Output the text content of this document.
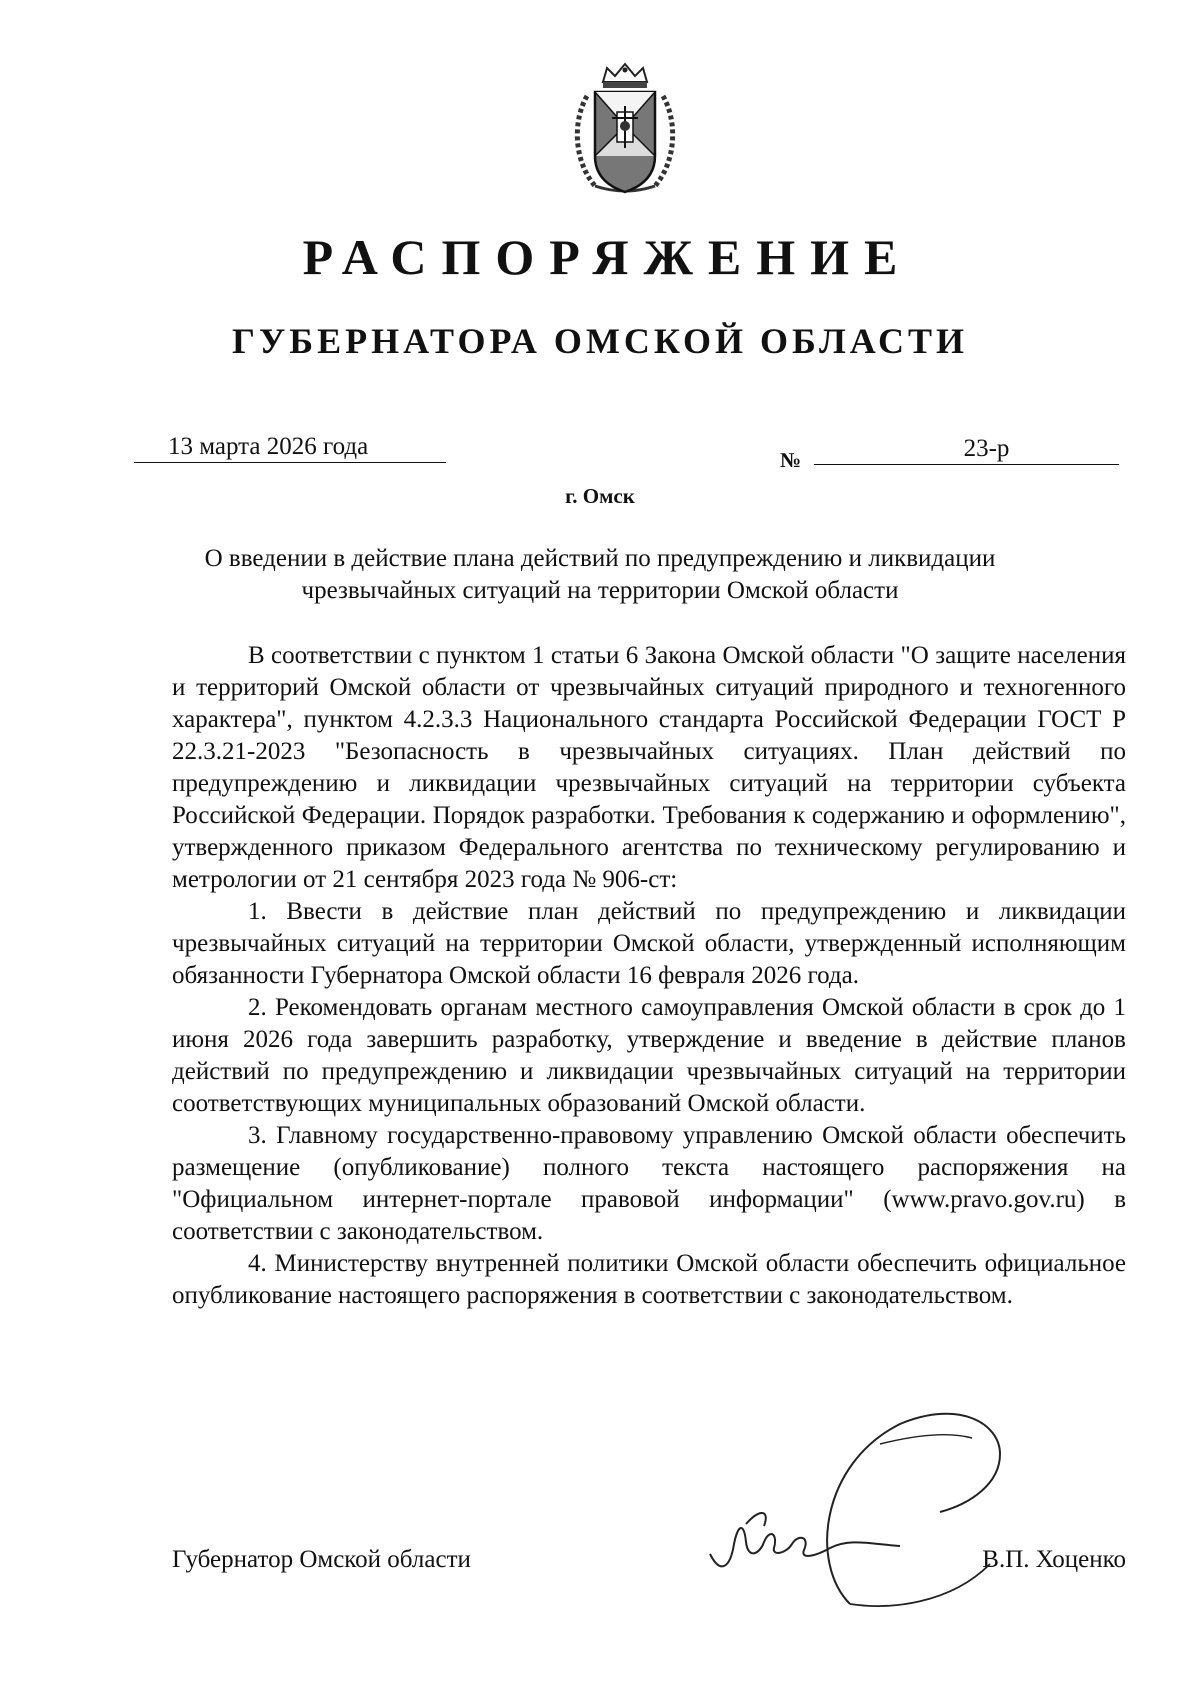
РАСПОРЯЖЕНИЕ
ГУБЕРНАТОРА ОМСКОЙ ОБЛАСТИ
13 марта 2026 года	№	23-р
г. Омск

О введении в действие плана действий по предупреждению и ликвидации чрезвычайных ситуаций на территории Омской области

В соответствии с пунктом 1 статьи 6 Закона Омской области "О защите населения и территорий Омской области от чрезвычайных ситуаций природного и техногенного характера", пунктом 4.2.3.3 Национального стандарта Российской Федерации ГОСТ Р 22.3.21-2023 "Безопасность в чрезвычайных ситуациях. План действий по предупреждению и ликвидации чрезвычайных ситуаций на территории субъекта Российской Федерации. Порядок разработки. Требования к содержанию и оформлению", утвержденного приказом Федерального агентства по техническому регулированию и метрологии от 21 сентября 2023 года № 906-ст:

1. Ввести в действие план действий по предупреждению и ликвидации чрезвычайных ситуаций на территории Омской области, утвержденный исполняющим обязанности Губернатора Омской области 16 февраля 2026 года.

2. Рекомендовать органам местного самоуправления Омской области в срок до 1 июня 2026 года завершить разработку, утверждение и введение в действие планов действий по предупреждению и ликвидации чрезвычайных ситуаций на территории соответствующих муниципальных образований Омской области.

3. Главному государственно-правовому управлению Омской области обеспечить размещение (опубликование) полного текста настоящего распоряжения на "Официальном интернет-портале правовой информации" (www.pravo.gov.ru) в соответствии с законодательством.

4. Министерству внутренней политики Омской области обеспечить официальное опубликование настоящего распоряжения в соответствии с законодательством.

Губернатор Омской области	В.П. Хоценко
